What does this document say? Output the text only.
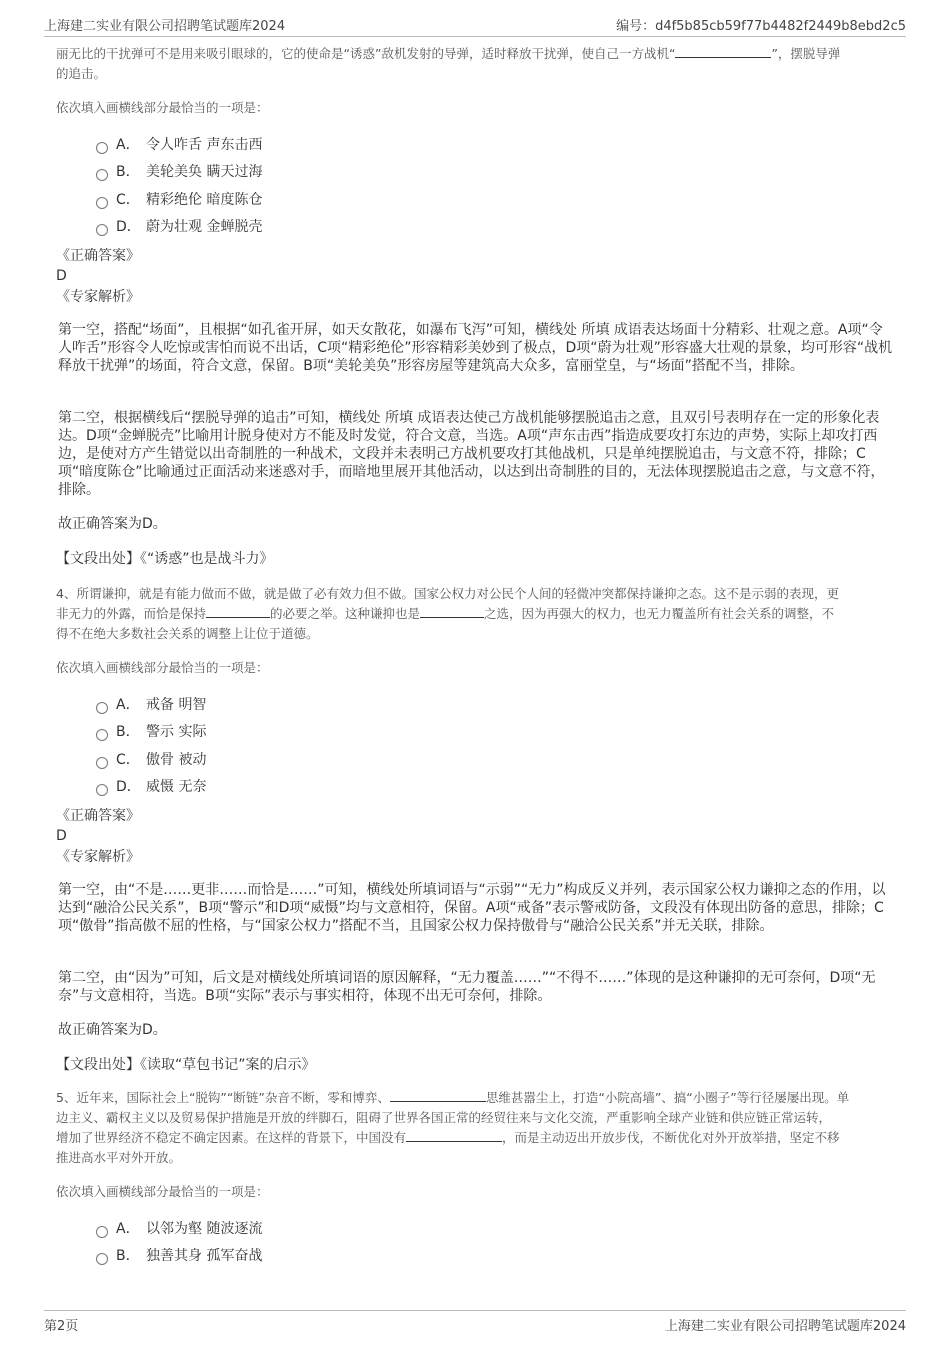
上海建二实业有限公司招聘笔试题库2024	编号：d4f5b85cb59f77b4482f2449b8ebd2c5
丽无比的干扰弹可不是用来吸引眼球的，它的使命是“诱惑”敌机发射的导弹，适时释放干扰弹，使自己一方战机“	”，摆脱导弹
的追击。
依次填入画横线部分最恰当的一项是：
A． 令人咋舌 声东击西
B． 美轮美奂 瞒天过海
C． 精彩绝伦 暗度陈仓
D． 蔚为壮观 金蝉脱壳
《正确答案》
D
《专家解析》
第一空，搭配“场面”，且根据“如孔雀开屏，如天女散花，如瀑布飞泻”可知，横线处 所填 成语表达场面十分精彩、壮观之意。A项“令人咋舌”形容令人吃惊或害怕而说不出话，C项“精彩绝伦”形容精彩美妙到了极点，D项“蔚为壮观”形容盛大壮观的景象，均可形容“战机释放干扰弹”的场面，符合文意，保留。B项“美轮美奂”形容房屋等建筑高大众多，富丽堂皇，与“场面”搭配不当，排除。
第二空，根据横线后“摆脱导弹的追击”可知，横线处 所填 成语表达使己方战机能够摆脱追击之意，且双引号表明存在一定的形象化表达。D项“金蝉脱壳”比喻用计脱身使对方不能及时发觉，符合文意，当选。A项“声东击西”指造成要攻打东边的声势，实际上却攻打西边，是使对方产生错觉以出奇制胜的一种战术，文段并未表明己方战机要攻打其他战机，只是单纯摆脱追击，与文意不符，排除；C项“暗度陈仓”比喻通过正面活动来迷惑对手，而暗地里展开其他活动，以达到出奇制胜的目的，无法体现摆脱追击之意，与文意不符，排除。
故正确答案为D。
【文段出处】《“诱惑”也是战斗力》
4、所谓谦抑，就是有能力做而不做，就是做了必有效力但不做。国家公权力对公民个人间的轻微冲突都保持谦抑之态。这不是示弱的表现，更
非无力的外露，而恰是保持	的必要之举。这种谦抑也是	之选，因为再强大的权力，也无力覆盖所有社会关系的调整，不
得不在绝大多数社会关系的调整上让位于道德。
依次填入画横线部分最恰当的一项是：
A． 戒备 明智
B． 警示 实际
C． 傲骨 被动
D． 威慑 无奈
《正确答案》
D
《专家解析》
第一空，由“不是……更非……而恰是……”可知，横线处所填词语与“示弱”“无力”构成反义并列，表示国家公权力谦抑之态的作用，以达到“融洽公民关系”，B项“警示”和D项“威慑”均与文意相符，保留。A项“戒备”表示警戒防备，文段没有体现出防备的意思，排除；C项“傲骨”指高傲不屈的性格，与“国家公权力”搭配不当，且国家公权力保持傲骨与“融洽公民关系”并无关联，排除。
第二空，由“因为”可知，后文是对横线处所填词语的原因解释，“无力覆盖……”“不得不……”体现的是这种谦抑的无可奈何，D项“无奈”与文意相符，当选。B项“实际”表示与事实相符，体现不出无可奈何，排除。
故正确答案为D。
【文段出处】《读取“草包书记”案的启示》
5、近年来，国际社会上“脱钩”“断链”杂音不断，零和博弈、	思维甚嚣尘上，打造“小院高墙”、搞“小圈子”等行径屡屡出现。单
边主义、霸权主义以及贸易保护措施是开放的绊脚石，阻碍了世界各国正常的经贸往来与文化交流，严重影响全球产业链和供应链正常运转，
增加了世界经济不稳定不确定因素。在这样的背景下，中国没有	，而是主动迈出开放步伐，不断优化对外开放举措，坚定不移
推进高水平对外开放。
依次填入画横线部分最恰当的一项是：
A． 以邻为壑 随波逐流
B． 独善其身 孤军奋战
第2页	上海建二实业有限公司招聘笔试题库2024
